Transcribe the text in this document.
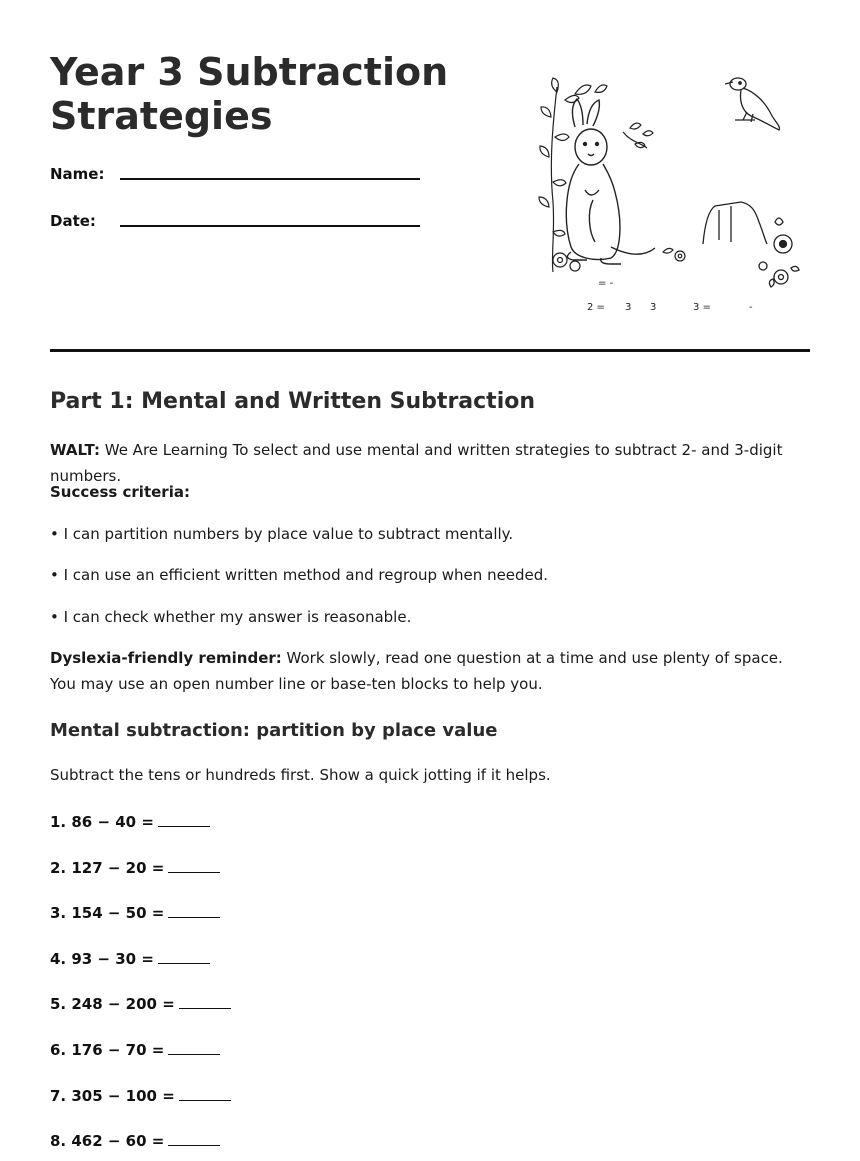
Year 3 Subtraction
Strategies
Name:
Date:
= -
2 = 3 3	3 =	-
Part 1: Mental and Written Subtraction

WALT: We Are Learning To select and use mental and written strategies to subtract 2- and 3-digit numbers.

Success criteria:

• I can partition numbers by place value to subtract mentally.

• I can use an efficient written method and regroup when needed.

• I can check whether my answer is reasonable.

Dyslexia-friendly reminder: Work slowly, read one question at a time and use plenty of space. You may use an open number line or base-ten blocks to help you.

Mental subtraction: partition by place value

Subtract the tens or hundreds first. Show a quick jotting if it helps.

1. 86 − 40 =
2. 127 − 20 =
3. 154 − 50 =
4. 93 − 30 =
5. 248 − 200 =
6. 176 − 70 =
7. 305 − 100 =
8. 462 − 60 =
